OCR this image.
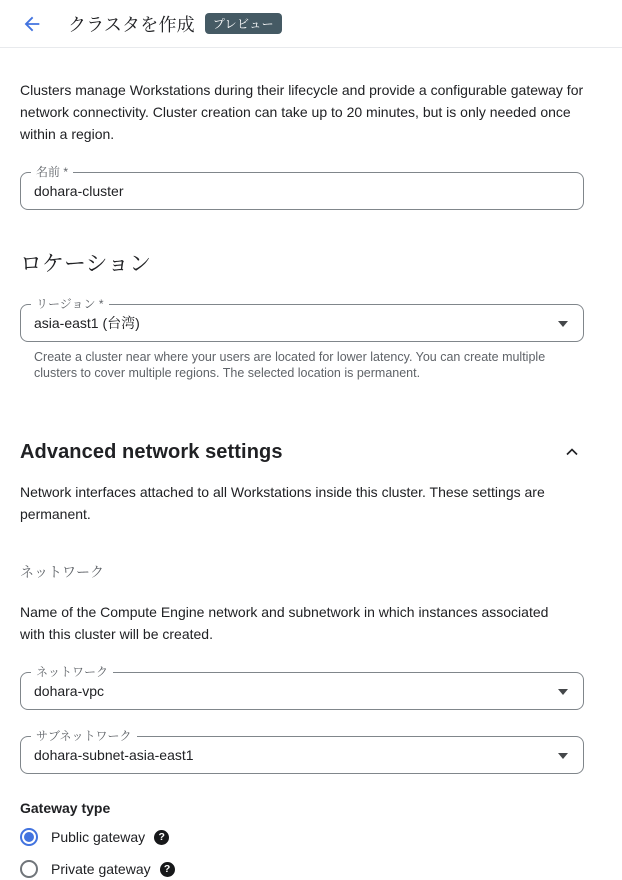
クラスタを作成	プレビュー

Clusters manage Workstations during their lifecycle and provide a configurable gateway for network connectivity. Cluster creation can take up to 20 minutes, but is only needed once within a region.

名前 *
dohara-cluster
ロケーション
リージョン *
asia-east1 (台湾)

Create a cluster near where your users are located for lower latency. You can create multiple clusters to cover multiple regions. The selected location is permanent.

Advanced network settings

Network interfaces attached to all Workstations inside this cluster. These settings are permanent.

ネットワーク

Name of the Compute Engine network and subnetwork in which instances associated with this cluster will be created.

ネットワーク
dohara-vpc
サブネットワーク
dohara-subnet-asia-east1
Gateway type
Public gateway	?
Private gateway	?
